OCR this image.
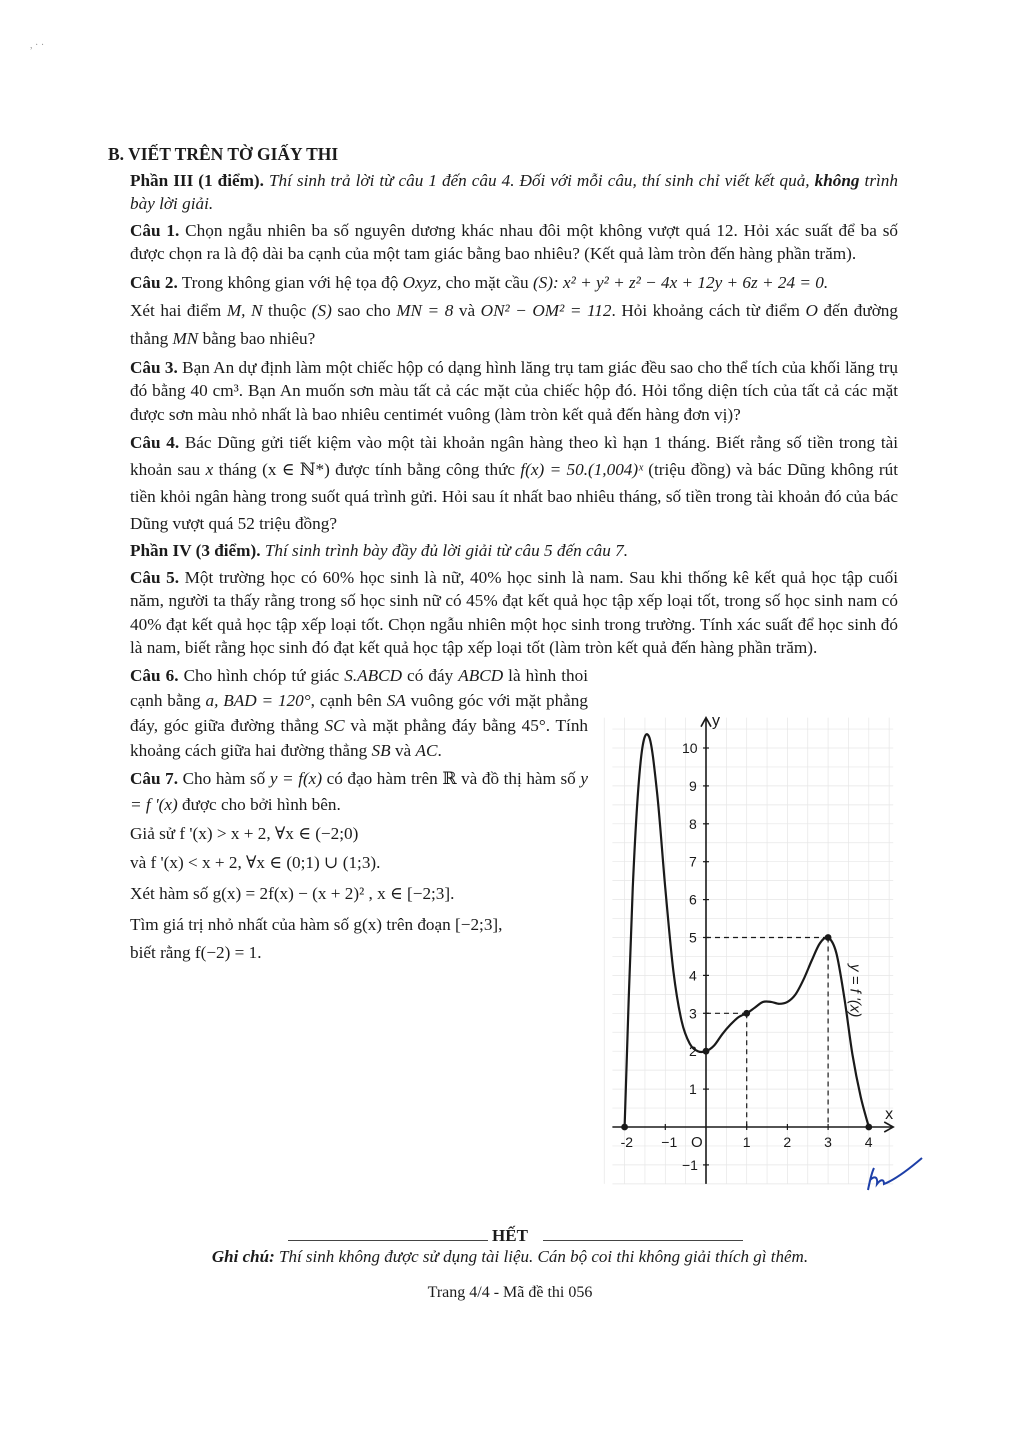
, · ·
B. VIẾT TRÊN TỜ GIẤY THI
Phần III (1 điểm). Thí sinh trả lời từ câu 1 đến câu 4. Đối với mỗi câu, thí sinh chỉ viết kết quả, không trình bày lời giải.
Câu 1. Chọn ngẫu nhiên ba số nguyên dương khác nhau đôi một không vượt quá 12. Hỏi xác suất để ba số được chọn ra là độ dài ba cạnh của một tam giác bằng bao nhiêu? (Kết quả làm tròn đến hàng phần trăm).
Câu 2. Trong không gian với hệ tọa độ Oxyz, cho mặt cầu (S): x² + y² + z² − 4x + 12y + 6z + 24 = 0.
Xét hai điểm M, N thuộc (S) sao cho MN = 8 và ON² − OM² = 112. Hỏi khoảng cách từ điểm O đến đường thẳng MN bằng bao nhiêu?
Câu 3. Bạn An dự định làm một chiếc hộp có dạng hình lăng trụ tam giác đều sao cho thể tích của khối lăng trụ đó bằng 40 cm³. Bạn An muốn sơn màu tất cả các mặt của chiếc hộp đó. Hỏi tổng diện tích của tất cả các mặt được sơn màu nhỏ nhất là bao nhiêu centimét vuông (làm tròn kết quả đến hàng đơn vị)?
Câu 4. Bác Dũng gửi tiết kiệm vào một tài khoản ngân hàng theo kì hạn 1 tháng. Biết rằng số tiền trong tài khoản sau x tháng (x ∈ ℕ*) được tính bằng công thức f(x) = 50.(1,004)ˣ (triệu đồng) và bác Dũng không rút tiền khỏi ngân hàng trong suốt quá trình gửi. Hỏi sau ít nhất bao nhiêu tháng, số tiền trong tài khoản đó của bác Dũng vượt quá 52 triệu đồng?
Phần IV (3 điểm). Thí sinh trình bày đầy đủ lời giải từ câu 5 đến câu 7.
Câu 5. Một trường học có 60% học sinh là nữ, 40% học sinh là nam. Sau khi thống kê kết quả học tập cuối năm, người ta thấy rằng trong số học sinh nữ có 45% đạt kết quả học tập xếp loại tốt, trong số học sinh nam có 40% đạt kết quả học tập xếp loại tốt. Chọn ngẫu nhiên một học sinh trong trường. Tính xác suất để học sinh đó là nam, biết rằng học sinh đó đạt kết quả học tập xếp loại tốt (làm tròn kết quả đến hàng phần trăm).
Câu 6. Cho hình chóp tứ giác S.ABCD có đáy ABCD là hình thoi cạnh bằng a, BAD = 120°, cạnh bên SA vuông góc với mặt phẳng đáy, góc giữa đường thẳng SC và mặt phẳng đáy bằng 45°. Tính khoảng cách giữa hai đường thẳng SB và AC.
Câu 7. Cho hàm số y = f(x) có đạo hàm trên ℝ và đồ thị hàm số y = f '(x) được cho bởi hình bên.
Giả sử f '(x) > x + 2, ∀x ∈ (−2;0)
và f '(x) < x + 2, ∀x ∈ (0;1) ∪ (1;3).
Xét hàm số g(x) = 2f(x) − (x + 2)² , x ∈ [−2;3].
Tìm giá trị nhỏ nhất của hàm số g(x) trên đoạn [−2;3],
biết rằng f(−2) = 1.
-2 −1	1 2 3 4
−1
1
2
3
4
5
6
7
8
9
10
y = f '(x)
x
y
O
HẾT
Ghi chú: Thí sinh không được sử dụng tài liệu. Cán bộ coi thi không giải thích gì thêm.
Trang 4/4 - Mã đề thi 056
